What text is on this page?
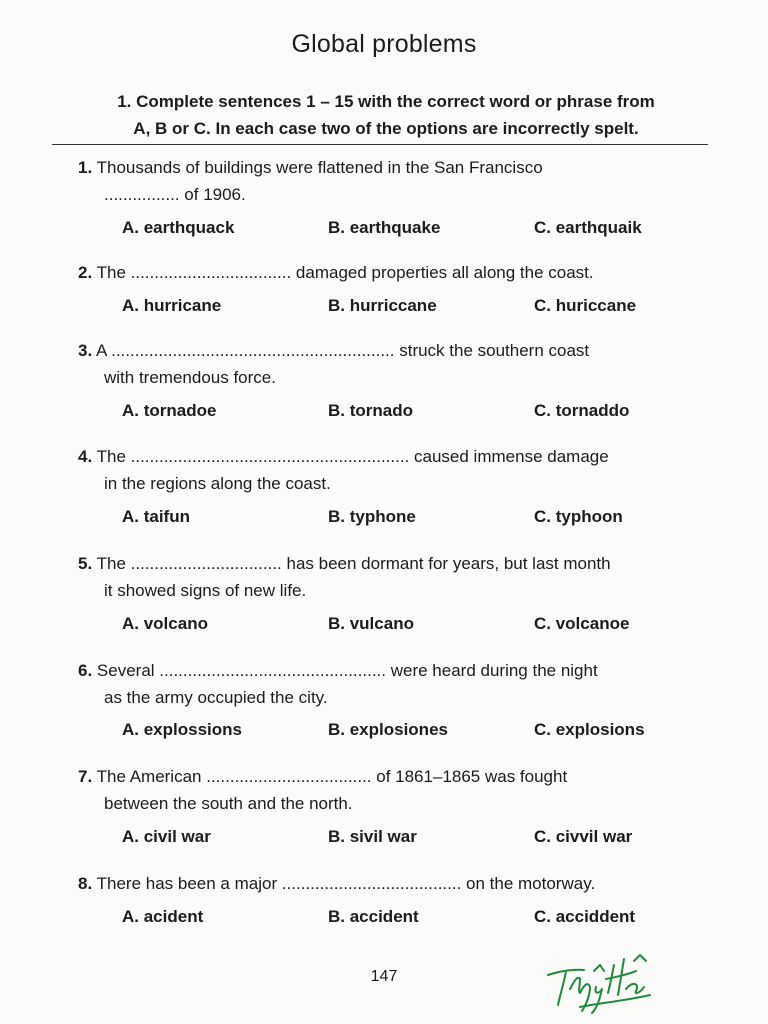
Global problems
1. Complete sentences 1 – 15 with the correct word or phrase from
A, B or C. In each case two of the options are incorrectly spelt.
1. Thousands of buildings were flattened in the San Francisco
................ of 1906.
A. earthquack	B. earthquake	C. earthquaik
2. The .................................. damaged properties all along the coast.
A. hurricane	B. hurriccane	C. huriccane
3. A ............................................................ struck the southern coast
with tremendous force.
A. tornadoe	B. tornado	C. tornaddo
4. The ........................................................... caused immense damage
in the regions along the coast.
A. taifun	B. typhone	C. typhoon
5. The ................................ has been dormant for years, but last month
it showed signs of new life.
A. volcano	B. vulcano	C. volcanoe
6. Several ................................................ were heard during the night
as the army occupied the city.
A. explossions	B. explosiones	C. explosions
7. The American ................................... of 1861–1865 was fought
between the south and the north.
A. civil war	B. sivil war	C. civvil war
8. There has been a major ...................................... on the motorway.
A. acident	B. accident	C. acciddent
147
